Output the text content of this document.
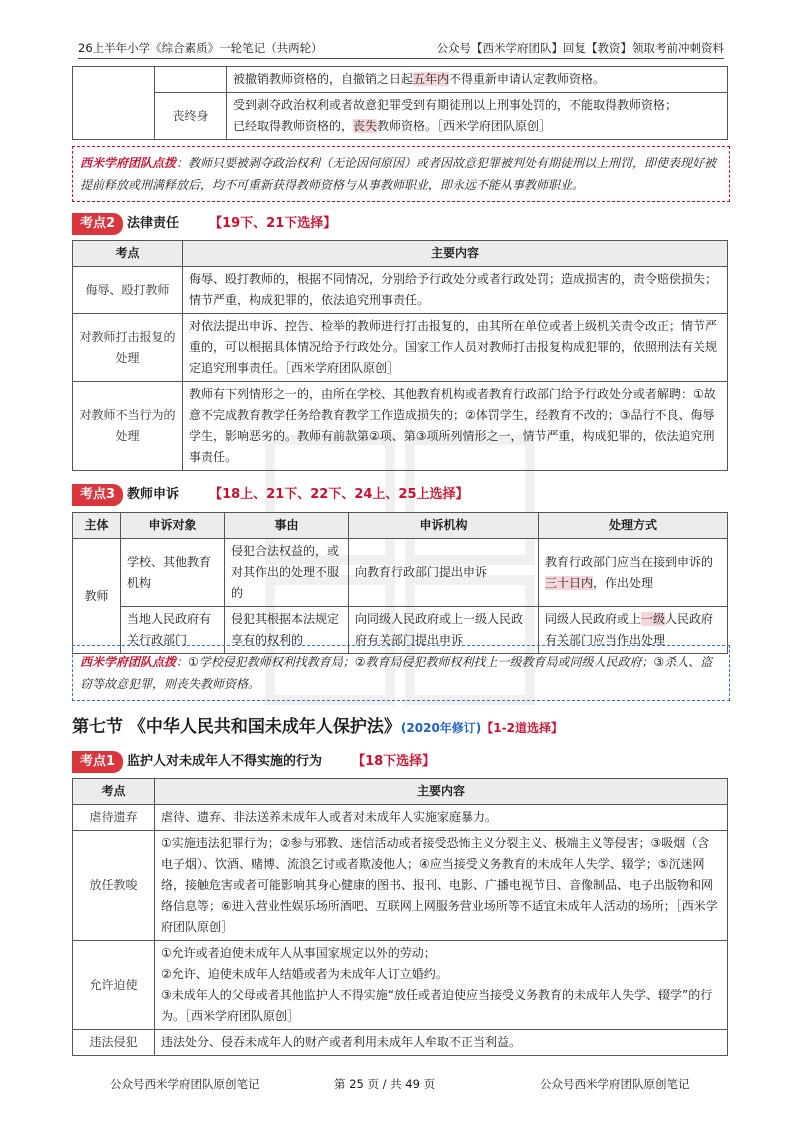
26上半年小学《综合素质》一轮笔记（共两轮）	公众号【西米学府团队】回复【教资】领取考前冲刺资料
		被撤销教师资格的，自撤销之日起五年内不得重新申请认定教师资格。
	丧终身	受到剥夺政治权利或者故意犯罪受到有期徒刑以上刑事处罚的，不能取得教师资格；
已经取得教师资格的，丧失教师资格。［西米学府团队原创］
西米学府团队点拨：教师只要被剥夺政治权利（无论因何原因）或者因故意犯罪被判处有期徒刑以上刑罚，即使表现好被提前释放或刑满释放后，均不可重新获得教师资格与从事教师职业，即永远不能从事教师职业。
考点2 法律责任 【19下、21下选择】
考点	主要内容
侮辱、殴打教师	侮辱、殴打教师的，根据不同情况，分别给予行政处分或者行政处罚；造成损害的，责令赔偿损失；情节严重，构成犯罪的，依法追究刑事责任。
对教师打击报复的处理	对依法提出申诉、控告、检举的教师进行打击报复的，由其所在单位或者上级机关责令改正；情节严重的，可以根据具体情况给予行政处分。国家工作人员对教师打击报复构成犯罪的，依照刑法有关规定追究刑事责任。［西米学府团队原创］
对教师不当行为的处理	教师有下列情形之一的，由所在学校、其他教育机构或者教育行政部门给予行政处分或者解聘：①故意不完成教育教学任务给教育教学工作造成损失的；②体罚学生，经教育不改的；③品行不良、侮辱学生，影响恶劣的。教师有前款第②项、第③项所列情形之一，情节严重，构成犯罪的，依法追究刑事责任。
考点3 教师申诉 【18上、21下、22下、24上、25上选择】
主体	申诉对象	事由	申诉机构	处理方式
教师	学校、其他教育机构	侵犯合法权益的，或对其作出的处理不服的	向教育行政部门提出申诉	教育行政部门应当在接到申诉的三十日内，作出处理
	当地人民政府有关行政部门	侵犯其根据本法规定享有的权利的	向同级人民政府或上一级人民政府有关部门提出申诉	同级人民政府或上一级人民政府有关部门应当作出处理
西米学府团队点拨：①学校侵犯教师权利找教育局；②教育局侵犯教师权利找上一级教育局或同级人民政府；③杀人、盗窃等故意犯罪，则丧失教师资格。
第七节 《中华人民共和国未成年人保护法》(2020年修订)【1-2道选择】
考点1 监护人对未成年人不得实施的行为 【18下选择】
考点	主要内容
虐待遗弃	虐待、遗弃、非法送养未成年人或者对未成年人实施家庭暴力。
放任教唆	①实施违法犯罪行为；②参与邪教、迷信活动或者接受恐怖主义分裂主义、极端主义等侵害；③吸烟（含电子烟）、饮酒、赌博、流浪乞讨或者欺凌他人；④应当接受义务教育的未成年人失学、辍学；⑤沉迷网络，接触危害或者可能影响其身心健康的图书、报刊、电影、广播电视节目、音像制品、电子出版物和网络信息等；⑥进入营业性娱乐场所酒吧、互联网上网服务营业场所等不适宜未成年人活动的场所；［西米学府团队原创］
允许迫使	①允许或者迫使未成年人从事国家规定以外的劳动；
②允许、迫使未成年人结婚或者为未成年人订立婚约。
③未成年人的父母或者其他监护人不得实施“放任或者迫使应当接受义务教育的未成年人失学、辍学”的行为。［西米学府团队原创］
违法侵犯	违法处分、侵吞未成年人的财产或者利用未成年人牟取不正当利益。
公众号西米学府团队原创笔记	第 25 页 / 共 49 页	公众号西米学府团队原创笔记
